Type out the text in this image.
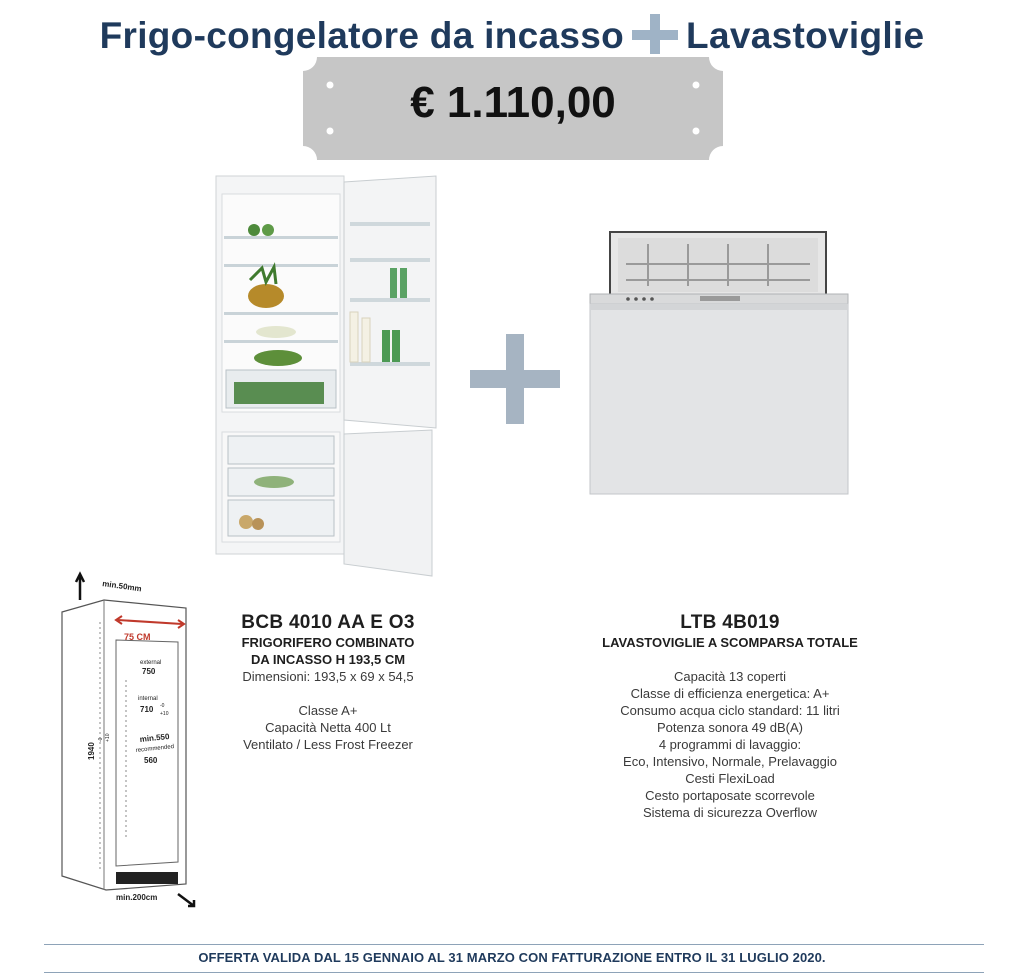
Frigo-congelatore da incasso Lavastoviglie
€ 1.110,00
BCB 4010 AA E O3
FRIGORIFERO COMBINATO
DA INCASSO H 193,5 CM
Dimensioni: 193,5 x 69 x 54,5
Classe A+
Capacità Netta 400 Lt
Ventilato / Less Frost Freezer
LTB 4B019
LAVASTOVIGLIE A SCOMPARSA TOTALE
Capacità 13 coperti
Classe di efficienza energetica: A+
Consumo acqua ciclo standard: 11 litri
Potenza sonora 49 dB(A)
4 programmi di lavaggio:
Eco, Intensivo, Normale, Prelavaggio
Cesti FlexiLoad
Cesto portaposate scorrevole
Sistema di sicurezza Overflow
min.50mm
75 CM
external
750
internal
710 -0
+10
1940
-0 +10	min.550
recommended
560
min.200cm
OFFERTA VALIDA DAL 15 GENNAIO AL 31 MARZO CON FATTURAZIONE ENTRO IL 31 LUGLIO 2020.
